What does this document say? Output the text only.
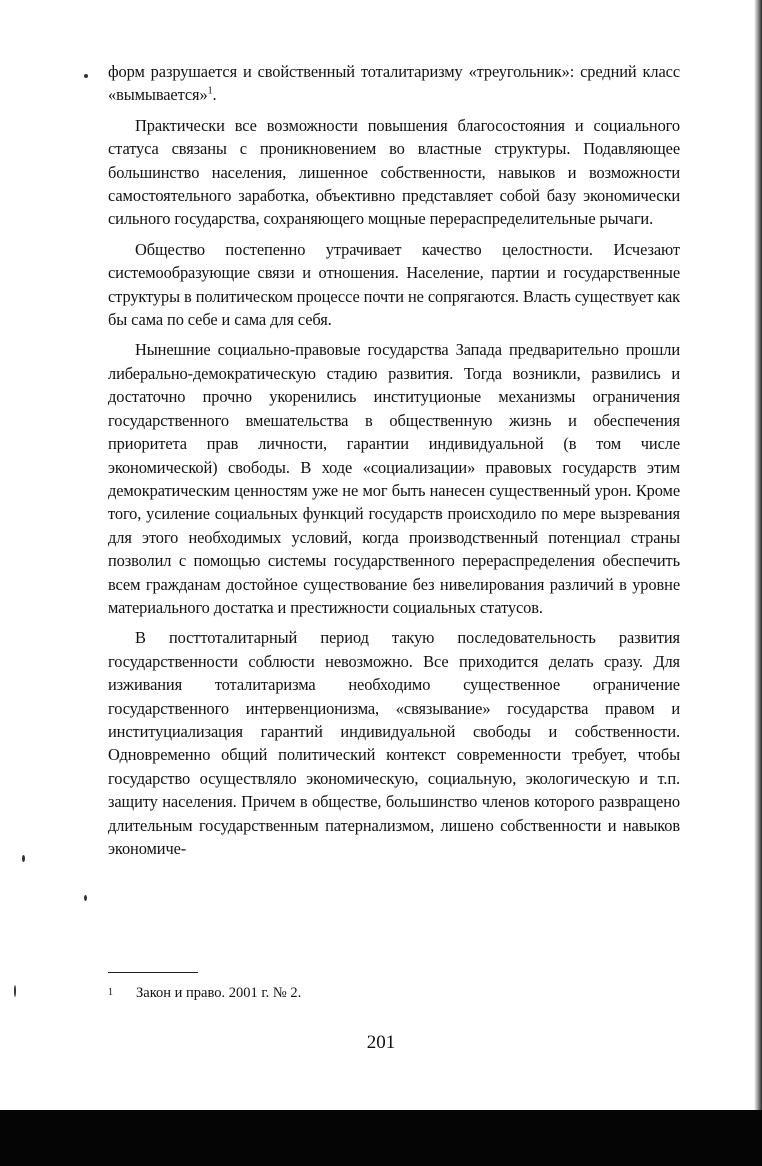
форм разрушается и свойственный тоталитаризму «треугольник»: средний класс «вымывается»$^1$.

Практически все возможности повышения благосостояния и социального статуса связаны с проникновением во властные структуры. Подавляющее большинство населения, лишенное собственности, навыков и возможности самостоятельного заработка, объективно представляет собой базу экономически сильного государства, сохраняющего мощные перераспределительные рычаги.

Общество постепенно утрачивает качество целостности. Исчезают системообразующие связи и отношения. Население, партии и государственные структуры в политическом процессе почти не сопрягаются. Власть существует как бы сама по себе и сама для себя.

Нынешние социально-правовые государства Запада предварительно прошли либерально-демократическую стадию развития. Тогда возникли, развились и достаточно прочно укоренились институционые механизмы ограничения государственного вмешательства в общественную жизнь и обеспечения приоритета прав личности, гарантии индивидуальной (в том числе экономической) свободы. В ходе «социализации» правовых государств этим демократическим ценностям уже не мог быть нанесен существенный урон. Кроме того, усиление социальных функций государств происходило по мере вызревания для этого необходимых условий, когда производственный потенциал страны позволил с помощью системы государственного перераспределения обеспечить всем гражданам достойное существование без нивелирования различий в уровне материального достатка и престижности социальных статусов.

В посттоталитарный период такую последовательность развития государственности соблюсти невозможно. Все приходится делать сразу. Для изживания тоталитаризма необходимо существенное ограничение государственного интервенционизма, «связывание» государства правом и институциализация гарантий индивидуальной свободы и собственности. Одновременно общий политический контекст современности требует, чтобы государство осуществляло экономическую, социальную, экологическую и т.п. защиту населения. Причем в обществе, большинство членов которого развращено длительным государственным патернализмом, лишено собственности и навыков экономиче-

1 Закон и право. 2001 г. № 2.
201
